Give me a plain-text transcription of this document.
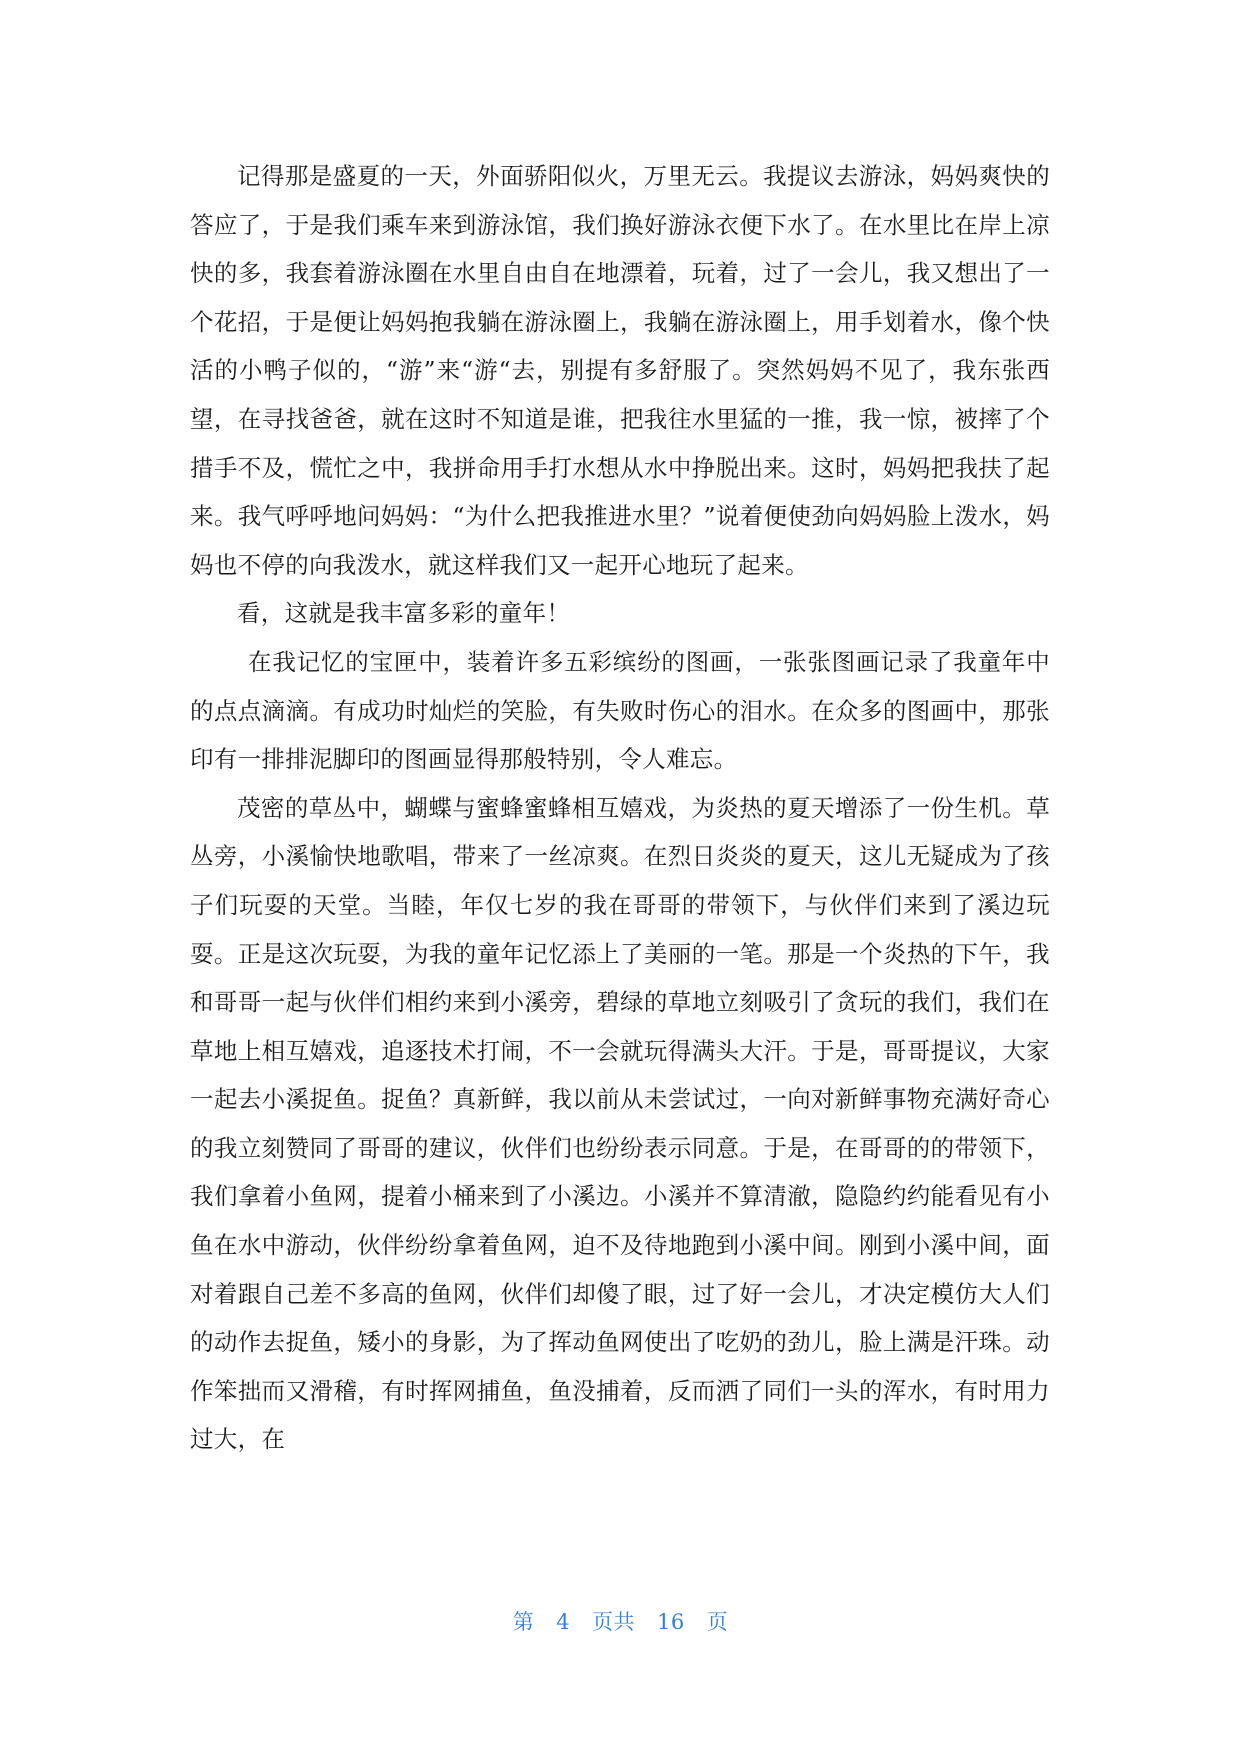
记得那是盛夏的一天，外面骄阳似火，万里无云。我提议去游泳，妈妈爽快的答应了，于是我们乘车来到游泳馆，我们换好游泳衣便下水了。在水里比在岸上凉快的多，我套着游泳圈在水里自由自在地漂着，玩着，过了一会儿，我又想出了一个花招，于是便让妈妈抱我躺在游泳圈上，我躺在游泳圈上，用手划着水，像个快活的小鸭子似的，“游”来“游“去，别提有多舒服了。突然妈妈不见了，我东张西望，在寻找爸爸，就在这时不知道是谁，把我往水里猛的一推，我一惊，被摔了个措手不及，慌忙之中，我拼命用手打水想从水中挣脱出来。这时，妈妈把我扶了起来。我气呼呼地问妈妈：“为什么把我推进水里？”说着便使劲向妈妈脸上泼水，妈妈也不停的向我泼水，就这样我们又一起开心地玩了起来。

看，这就是我丰富多彩的童年！

在我记忆的宝匣中，装着许多五彩缤纷的图画，一张张图画记录了我童年中的点点滴滴。有成功时灿烂的笑脸，有失败时伤心的泪水。在众多的图画中，那张印有一排排泥脚印的图画显得那般特别，令人难忘。

茂密的草丛中，蝴蝶与蜜蜂蜜蜂相互嬉戏，为炎热的夏天增添了一份生机。草丛旁，小溪愉快地歌唱，带来了一丝凉爽。在烈日炎炎的夏天，这儿无疑成为了孩子们玩耍的天堂。当睦，年仅七岁的我在哥哥的带领下，与伙伴们来到了溪边玩耍。正是这次玩耍，为我的童年记忆添上了美丽的一笔。那是一个炎热的下午，我和哥哥一起与伙伴们相约来到小溪旁，碧绿的草地立刻吸引了贪玩的我们，我们在草地上相互嬉戏，追逐技术打闹，不一会就玩得满头大汗。于是，哥哥提议，大家一起去小溪捉鱼。捉鱼？真新鲜，我以前从未尝试过，一向对新鲜事物充满好奇心的我立刻赞同了哥哥的建议，伙伴们也纷纷表示同意。于是，在哥哥的的带领下，我们拿着小鱼网，提着小桶来到了小溪边。小溪并不算清澈，隐隐约约能看见有小鱼在水中游动，伙伴纷纷拿着鱼网，迫不及待地跑到小溪中间。刚到小溪中间，面对着跟自己差不多高的鱼网，伙伴们却傻了眼，过了好一会儿，才决定模仿大人们的动作去捉鱼，矮小的身影，为了挥动鱼网使出了吃奶的劲儿，脸上满是汗珠。动作笨拙而又滑稽，有时挥网捕鱼，鱼没捕着，反而洒了同们一头的浑水，有时用力过大，在

第 4 页共 16 页
